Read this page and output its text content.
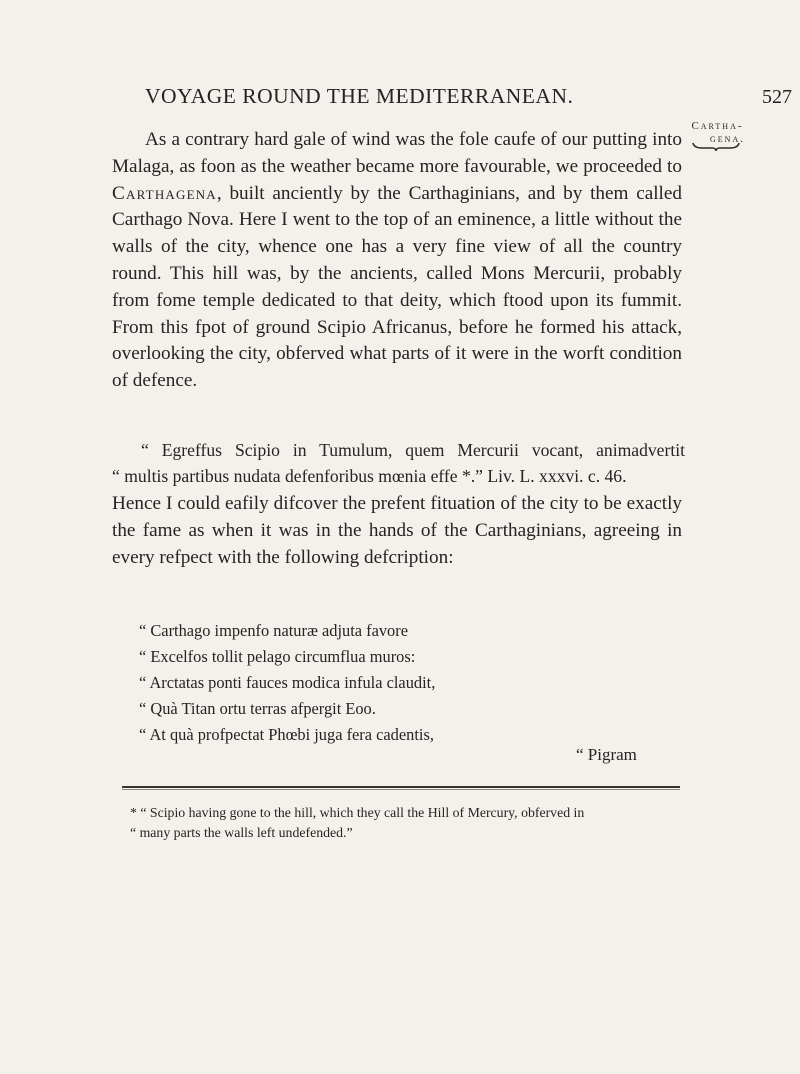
VOYAGE ROUND THE MEDITERRANEAN.	527
Cartha-
gena.

As a contrary hard gale of wind was the fole caufe of our putting into Malaga, as foon as the weather became more favourable, we proceeded to Carthagena, built anciently by the Carthaginians, and by them called Carthago Nova. Here I went to the top of an eminence, a little without the walls of the city, whence one has a very fine view of all the country round. This hill was, by the ancients, called Mons Mercurii, probably from fome temple dedicated to that deity, which ftood upon its fummit. From this fpot of ground Scipio Africanus, before he formed his attack, overlooking the city, obferved what parts of it were in the worft condition of defence.

“ Egreffus Scipio in Tumulum, quem Mercurii vocant, animadvertit
“ multis partibus nudata defenforibus mœnia effe *.” Liv. L. xxxvi. c. 46.

Hence I could eafily difcover the prefent fituation of the city to be exactly the fame as when it was in the hands of the Carthaginians, agreeing in every refpect with the following defcription:

“ Carthago impenfo naturæ adjuta favore
“ Excelfos tollit pelago circumflua muros:
“ Arctatas ponti fauces modica infula claudit,
“ Quà Titan ortu terras afpergit Eoo.
“ At quà profpectat Phœbi juga fera cadentis,
“ Pigram
* “ Scipio having gone to the hill, which they call the Hill of Mercury, obferved in
“ many parts the walls left undefended.”
